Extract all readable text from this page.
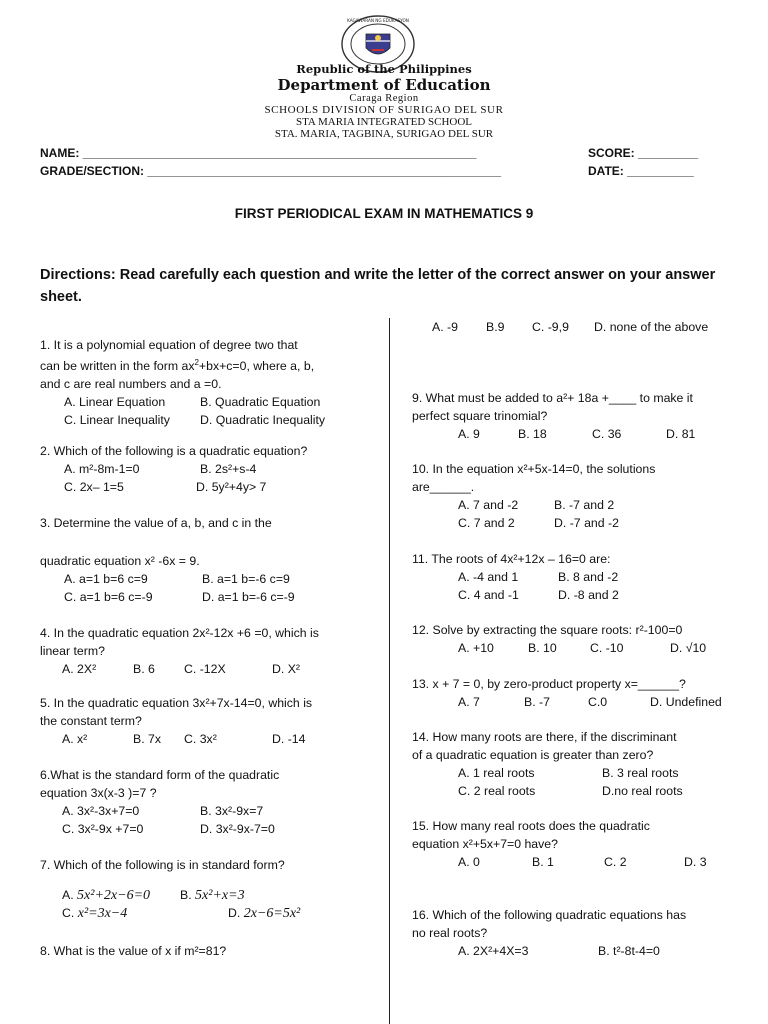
KAGAWARAN NG EDUKASYON
Republic of the Philippines
Department of Education
Caraga Region
SCHOOLS DIVISION OF SURIGAO DEL SUR
STA MARIA INTEGRATED SCHOOL
STA. MARIA, TAGBINA, SURIGAO DEL SUR
NAME: ___________________________________________________________	SCORE: _________
GRADE/SECTION: _____________________________________________________	DATE: __________
FIRST PERIODICAL EXAM IN MATHEMATICS 9
Directions: Read carefully each question and write the letter of the correct answer on your answer sheet.
1. It is a polynomial equation of degree two that
can be written in the form $ax^2+bx+c=0$, where a, b,
and c are real numbers and a =0.
A. Linear Equation	B. Quadratic Equation
C. Linear Inequality D. Quadratic Inequality
2. Which of the following is a quadratic equation?
A. m²-8m-1=0	B. 2s²+s-4
C. 2x– 1=5	D. 5y²+4y> 7
3. Determine the value of a, b, and c in the
quadratic equation x² -6x = 9.
A. a=1 b=6 c=9	B. a=1 b=-6 c=9
C. a=1 b=6 c=-9	D. a=1 b=-6 c=-9
4. In the quadratic equation 2x²-12x +6 =0, which is
linear term?
A. 2X²	B. 6 C. -12X	D. X²
5. In the quadratic equation 3x²+7x-14=0, which is
the constant term?
A. x²	B. 7x C. 3x²	D. -14
6.What is the standard form of the quadratic
equation 3x(x-3 )=7 ?
A. 3x²-3x+7=0	B. 3x²-9x=7
C. 3x²-9x +7=0	D. 3x²-9x-7=0
7. Which of the following is in standard form?
A. 5x²+2x−6=0 B. 5x²+x=3
C. x²=3x−4	D. 2x−6=5x²
8. What is the value of x if m²=81?
A. -9 B.9 C. -9,9 D. none of the above
9. What must be added to a²+ 18a +____ to make it
perfect square trinomial?
A. 9	B. 18	C. 36	D. 81
10. In the equation x²+5x-14=0, the solutions
are______.
A. 7 and -2	B. -7 and 2
C. 7 and 2	D. -7 and -2
11. The roots of 4x²+12x – 16=0 are:
A. -4 and 1	B. 8 and -2
C. 4 and -1	D. -8 and 2
12. Solve by extracting the square roots: r²-100=0
A. +10	B. 10	C. -10	D. √10
13. x + 7 = 0, by zero-product property x=______?
A. 7	B. -7	C.0	D. Undefined
14. How many roots are there, if the discriminant
of a quadratic equation is greater than zero?
A. 1 real roots	B. 3 real roots
C. 2 real roots	D.no real roots
15. How many real roots does the quadratic
equation x²+5x+7=0 have?
A. 0	B. 1	C. 2	D. 3
16. Which of the following quadratic equations has
no real roots?
A. 2X²+4X=3	B. t²-8t-4=0
